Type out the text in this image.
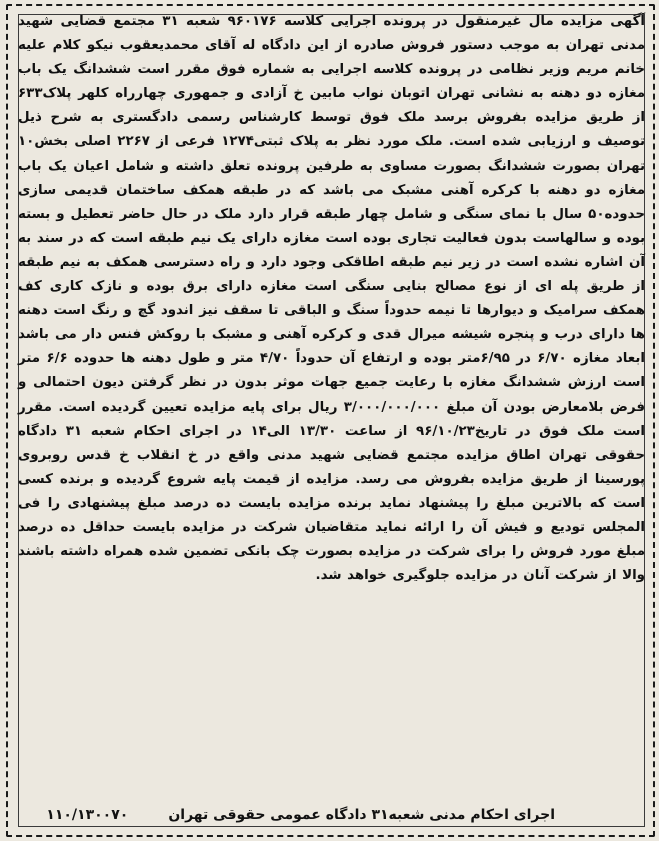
آگهی مزایده مال غیرمنقول در پرونده اجرایی کلاسه ۹۶۰۱۷۶ شعبه ۳۱ مجتمع قضایی شهید مدنی تهران به موجب دستور فروش صادره از این دادگاه له آقای محمدیعقوب نیکو کلام علیه خانم مریم وزیر نظامی در پرونده کلاسه اجرایی به شماره فوق مقرر است ششدانگ یک باب مغازه دو دهنه به نشانی تهران اتوبان نواب مابین خ آزادی و جمهوری چهارراه کلهر پلاک۶۳۳ از طریق مزایده بفروش برسد ملک فوق توسط کارشناس رسمی دادگستری به شرح ذیل توصیف و ارزیابی شده است. ملک مورد نظر به پلاک ثبتی۱۲۷۴ فرعی از ۲۲۶۷ اصلی بخش۱۰ تهران بصورت ششدانگ بصورت مساوی به طرفین پرونده تعلق داشته و شامل اعیان یک باب مغازه دو دهنه با کرکره آهنی مشبک می باشد که در طبقه همکف ساختمان قدیمی سازی حدوده۵۰ سال با نمای سنگی و شامل چهار طبقه قرار دارد ملک در حال حاضر تعطیل و بسته بوده و سالهاست بدون فعالیت تجاری بوده است مغازه دارای یک نیم طبقه است که در سند به آن اشاره نشده است در زیر نیم طبقه اطاقکی وجود دارد و راه دسترسی همکف به نیم طبقه از طریق پله ای از نوع مصالح بنایی سنگی است مغازه دارای برق بوده و نازک کاری کف همکف سرامیک و دیوارها تا نیمه حدوداً سنگ و الباقی تا سقف نیز اندود گچ و رنگ است دهنه ها دارای درب و پنجره شیشه میرال قدی و کرکره آهنی و مشبک با روکش فنس دار می باشد ابعاد مغازه ۶/۷۰ در ۶/۹۵متر بوده و ارتفاع آن حدوداً ۴/۷۰ متر و طول دهنه ها حدوده ۶/۶ متر است ارزش ششدانگ مغازه با رعایت جمیع جهات موثر بدون در نظر گرفتن دیون احتمالی و فرض بلامعارض بودن آن مبلغ ۳/۰۰۰/۰۰۰/۰۰۰ ریال برای پایه مزایده تعیین گردیده است. مقرر است ملک فوق در تاریخ۹۶/۱۰/۲۳ از ساعت ۱۳/۳۰ الی۱۴ در اجرای احکام شعبه ۳۱ دادگاه حقوقی تهران اطاق مزایده مجتمع قضایی شهید مدنی واقع در خ انقلاب خ قدس روبروی پورسینا از طریق مزایده بفروش می رسد. مزایده از قیمت پایه شروع گردیده و برنده کسی است که بالاترین مبلغ را پیشنهاد نماید برنده مزایده بایست ده درصد مبلغ پیشنهادی را فی المجلس تودیع و فیش آن را ارائه نماید متقاضیان شرکت در مزایده بایست حداقل ده درصد مبلغ مورد فروش را برای شرکت در مزایده بصورت چک بانکی تضمین شده همراه داشته باشند والا از شرکت آنان در مزایده جلوگیری خواهد شد.

اجرای احکام مدنی شعبه۳۱ دادگاه عمومی حقوقی تهران
۱۱۰/۱۳۰۰۷۰
